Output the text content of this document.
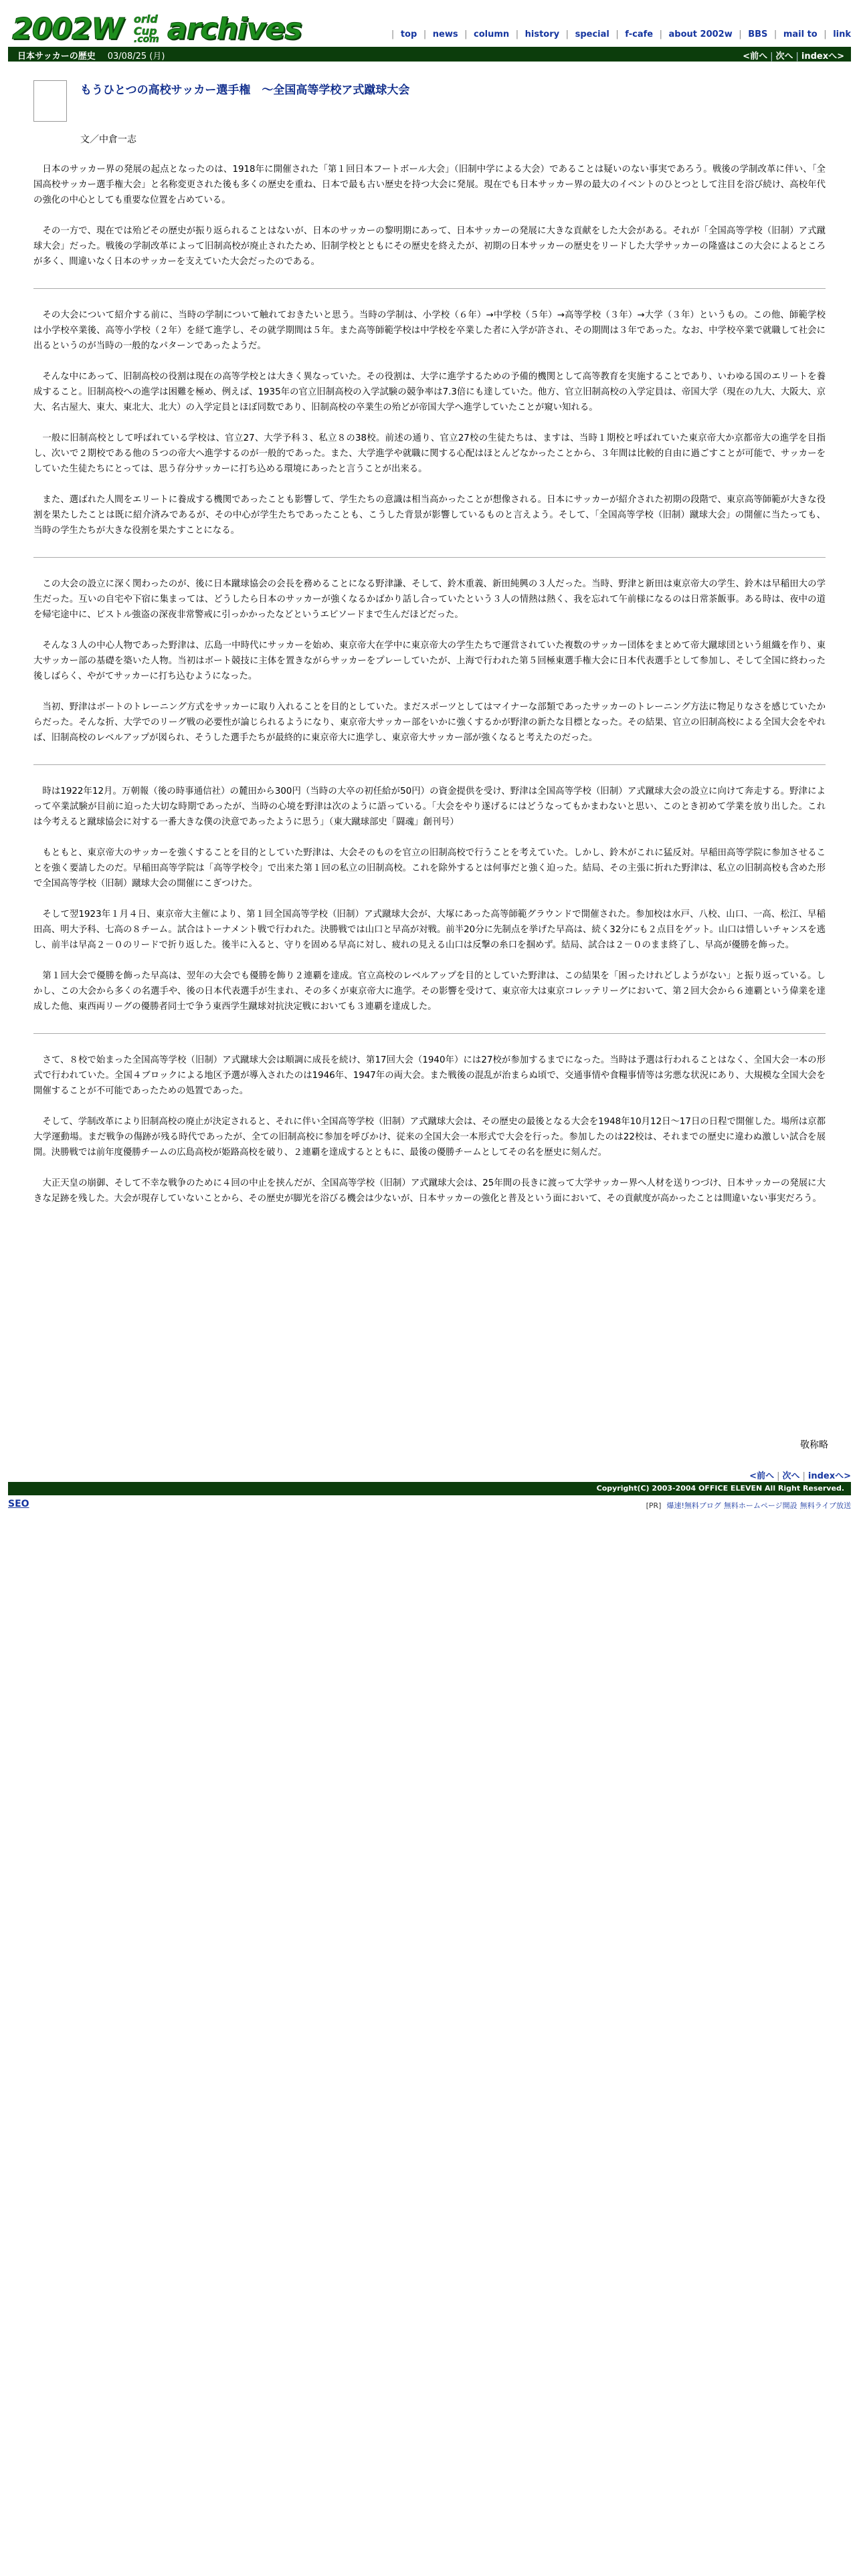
2002W orld
Cup
.com archives	| top | news | column | history | special | f-cafe | about 2002w | BBS | mail to | link
日本サッカーの歴史 03/08/25 (月)	<前へ | 次へ | indexへ>
もうひとつの高校サッカー選手権　～全国高等学校ア式蹴球大会
文／中倉一志

日本のサッカー界の発展の起点となったのは、1918年に開催された「第１回日本フートボール大会」（旧制中学による大会）であることは疑いのない事実であろう。戦後の学制改革に伴い、「全国高校サッカー選手権大会」と名称変更された後も多くの歴史を重ね、日本で最も古い歴史を持つ大会に発展。現在でも日本サッカー界の最大のイベントのひとつとして注目を浴び続け、高校年代の強化の中心としても重要な位置を占めている。

その一方で、現在では殆どその歴史が振り返られることはないが、日本のサッカーの黎明期にあって、日本サッカーの発展に大きな貢献をした大会がある。それが「全国高等学校（旧制）ア式蹴球大会」だった。戦後の学制改革によって旧制高校が廃止されたため、旧制学校とともにその歴史を終えたが、初期の日本サッカーの歴史をリードした大学サッカーの隆盛はこの大会によるところが多く、間違いなく日本のサッカーを支えていた大会だったのである。

その大会について紹介する前に、当時の学制について触れておきたいと思う。当時の学制は、小学校（６年）→中学校（５年）→高等学校（３年）→大学（３年）というもの。この他、師範学校は小学校卒業後、高等小学校（２年）を経て進学し、その就学期間は５年。また高等師範学校は中学校を卒業した者に入学が許され、その期間は３年であった。なお、中学校卒業で就職して社会に出るというのが当時の一般的なパターンであったようだ。

そんな中にあって、旧制高校の役割は現在の高等学校とは大きく異なっていた。その役割は、大学に進学するための予備的機関として高等教育を実施することであり、いわゆる国のエリートを養成すること。旧制高校への進学は困難を極め、例えば、1935年の官立旧制高校の入学試験の競争率は7.3倍にも達していた。他方、官立旧制高校の入学定員は、帝国大学（現在の九大、大阪大、京大、名古屋大、東大、東北大、北大）の入学定員とほぼ同数であり、旧制高校の卒業生の殆どが帝国大学へ進学していたことが窺い知れる。

一般に旧制高校として呼ばれている学校は、官立27、大学予科３、私立８の38校。前述の通り、官立27校の生徒たちは、ますは、当時１期校と呼ばれていた東京帝大か京都帝大の進学を目指し、次いで２期校である他の５つの帝大へ進学するのが一般的であった。また、大学進学や就職に関する心配はほとんどなかったことから、３年間は比較的自由に過ごすことが可能で、サッカーをしていた生徒たちにとっては、思う存分サッカーに打ち込める環境にあったと言うことが出来る。

また、選ばれた人間をエリートに養成する機関であったことも影響して、学生たちの意識は相当高かったことが想像される。日本にサッカーが紹介された初期の段階で、東京高等師範が大きな役割を果たしたことは既に紹介済みであるが、その中心が学生たちであったことも、こうした背景が影響しているものと言えよう。そして、「全国高等学校（旧制）蹴球大会」の開催に当たっても、当時の学生たちが大きな役割を果たすことになる。

この大会の設立に深く関わったのが、後に日本蹴球協会の会長を務めることになる野津謙、そして、鈴木重義、新田純興の３人だった。当時、野津と新田は東京帝大の学生、鈴木は早稲田大の学生だった。互いの自宅や下宿に集まっては、どうしたら日本のサッカーが強くなるかばかり話し合っていたという３人の情熱は熱く、我を忘れて午前様になるのは日常茶飯事。ある時は、夜中の道を帰宅途中に、ピストル強盗の深夜非常警戒に引っかかったなどというエピソードまで生んだほどだった。

そんな３人の中心人物であった野津は、広島一中時代にサッカーを始め、東京帝大在学中に東京帝大の学生たちで運営されていた複数のサッカー団体をまとめて帝大蹴球団という組織を作り、東大サッカー部の基礎を築いた人物。当初はボート競技に主体を置きながらサッカーをプレーしていたが、上海で行われた第５回極東選手権大会に日本代表選手として参加し、そして全国に終わった後しばらく、やがてサッカーに打ち込むようになった。

当初、野津はボートのトレーニング方式をサッカーに取り入れることを目的としていた。まだスポーツとしてはマイナーな部類であったサッカーのトレーニング方法に物足りなさを感じていたからだった。そんな折、大学でのリーグ戦の必要性が論じられるようになり、東京帝大サッカー部をいかに強くするかが野津の新たな目標となった。その結果、官立の旧制高校による全国大会をやれば、旧制高校のレベルアップが図られ、そうした選手たちが最終的に東京帝大に進学し、東京帝大サッカー部が強くなると考えたのだった。

時は1922年12月。万朝報（後の時事通信社）の麓田から300円（当時の大卒の初任給が50円）の資金提供を受け、野津は全国高等学校（旧制）ア式蹴球大会の設立に向けて奔走する。野津によって卒業試験が目前に迫った大切な時期であったが、当時の心境を野津は次のように語っている。「大会をやり遂げるにはどうなってもかまわないと思い、このとき初めて学業を放り出した。これは今考えると蹴球協会に対する一番大きな僕の決意であったように思う」（東大蹴球部史「闘魂」創刊号）

もともと、東京帝大のサッカーを強くすることを目的としていた野津は、大会そのものを官立の旧制高校で行うことを考えていた。しかし、鈴木がこれに猛反対。早稲田高等学院に参加させることを強く要請したのだ。早稲田高等学院は「高等学校令」で出来た第１回の私立の旧制高校。これを除外するとは何事だと強く迫った。結局、その主張に折れた野津は、私立の旧制高校も含めた形で全国高等学校（旧制）蹴球大会の開催にこぎつけた。

そして翌1923年１月４日、東京帝大主催により、第１回全国高等学校（旧制）ア式蹴球大会が、大塚にあった高等師範グラウンドで開催された。参加校は水戸、八校、山口、一高、松江、早稲田高、明大予科、七高の８チーム。試合はトーナメント戦で行われた。決勝戦では山口と早高が対戦。前半20分に先制点を挙げた早高は、続く32分にも２点目をゲット。山口は惜しいチャンスを逃し、前半は早高２－０のリードで折り返した。後半に入ると、守りを固める早高に対し、疲れの見える山口は反撃の糸口を掴めず。結局、試合は２－０のまま終了し、早高が優勝を飾った。

第１回大会で優勝を飾った早高は、翌年の大会でも優勝を飾り２連覇を達成。官立高校のレベルアップを目的としていた野津は、この結果を「困ったけれどしようがない」と振り返っている。しかし、この大会から多くの名選手や、後の日本代表選手が生まれ、その多くが東京帝大に進学。その影響を受けて、東京帝大は東京コレッテリーグにおいて、第２回大会から６連覇という偉業を達成した他、東西両リーグの優勝者同士で争う東西学生蹴球対抗決定戦においても３連覇を達成した。

さて、８校で始まった全国高等学校（旧制）ア式蹴球大会は順調に成長を続け、第17回大会（1940年）には27校が参加するまでになった。当時は予選は行われることはなく、全国大会一本の形式で行われていた。全国４ブロックによる地区予選が導入されたのは1946年、1947年の両大会。また戦後の混乱が治まらぬ頃で、交通事情や食糧事情等は劣悪な状況にあり、大規模な全国大会を開催することが不可能であったための処置であった。

そして、学制改革により旧制高校の廃止が決定されると、それに伴い全国高等学校（旧制）ア式蹴球大会は、その歴史の最後となる大会を1948年10月12日～17日の日程で開催した。場所は京都大学運動場。まだ戦争の傷跡が残る時代であったが、全ての旧制高校に参加を呼びかけ、従来の全国大会一本形式で大会を行った。参加したのは22校は、それまでの歴史に違わぬ激しい試合を展開。決勝戦では前年度優勝チームの広島高校が姫路高校を破り、２連覇を達成するとともに、最後の優勝チームとしてその名を歴史に刻んだ。

大正天皇の崩御、そして不幸な戦争のために４回の中止を挟んだが、全国高等学校（旧制）ア式蹴球大会は、25年間の長きに渡って大学サッカー界へ人材を送りつづけ、日本サッカーの発展に大きな足跡を残した。大会が現存していないことから、その歴史が脚光を浴びる機会は少ないが、日本サッカーの強化と普及という面において、その貢献度が高かったことは間違いない事実だろう。

敬称略
<前へ | 次へ | indexへ>
Copyright(C) 2003-2004 OFFICE ELEVEN All Right Reserved.
SEO	[PR] 爆速!無料ブログ 無料ホームページ開設 無料ライブ放送
